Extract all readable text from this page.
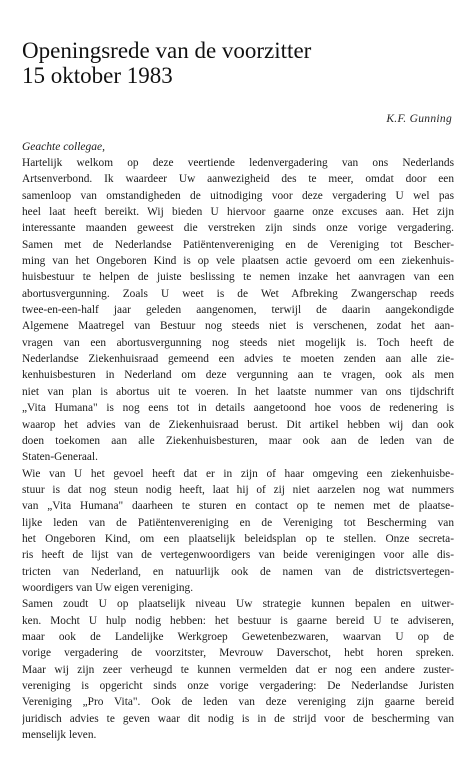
Openingsrede van de voorzitter
15 oktober 1983
K.F. Gunning
Geachte collegae,
Hartelijk welkom op deze veertiende ledenvergadering van ons Nederlands
Artsenverbond. Ik waardeer Uw aanwezigheid des te meer, omdat door een
samenloop van omstandigheden de uitnodiging voor deze vergadering U wel pas
heel laat heeft bereikt. Wij bieden U hiervoor gaarne onze excuses aan. Het zijn
interessante maanden geweest die verstreken zijn sinds onze vorige vergadering.
Samen met de Nederlandse Patiëntenvereniging en de Vereniging tot Bescher-
ming van het Ongeboren Kind is op vele plaatsen actie gevoerd om een ziekenhuis-
huisbestuur te helpen de juiste beslissing te nemen inzake het aanvragen van een
abortusvergunning. Zoals U weet is de Wet Afbreking Zwangerschap reeds
twee-en-een-half jaar geleden aangenomen, terwijl de daarin aangekondigde
Algemene Maatregel van Bestuur nog steeds niet is verschenen, zodat het aan-
vragen van een abortusvergunning nog steeds niet mogelijk is. Toch heeft de
Nederlandse Ziekenhuisraad gemeend een advies te moeten zenden aan alle zie-
kenhuisbesturen in Nederland om deze vergunning aan te vragen, ook als men
niet van plan is abortus uit te voeren. In het laatste nummer van ons tijdschrift
„Vita Humana" is nog eens tot in details aangetoond hoe voos de redenering is
waarop het advies van de Ziekenhuisraad berust. Dit artikel hebben wij dan ook
doen toekomen aan alle Ziekenhuisbesturen, maar ook aan de leden van de
Staten-Generaal.
Wie van U het gevoel heeft dat er in zijn of haar omgeving een ziekenhuisbe-
stuur is dat nog steun nodig heeft, laat hij of zij niet aarzelen nog wat nummers
van „Vita Humana" daarheen te sturen en contact op te nemen met de plaatse-
lijke leden van de Patiëntenvereniging en de Vereniging tot Bescherming van
het Ongeboren Kind, om een plaatselijk beleidsplan op te stellen. Onze secreta-
ris heeft de lijst van de vertegenwoordigers van beide verenigingen voor alle dis-
tricten van Nederland, en natuurlijk ook de namen van de districtsvertegen-
woordigers van Uw eigen vereniging.
Samen zoudt U op plaatselijk niveau Uw strategie kunnen bepalen en uitwer-
ken. Mocht U hulp nodig hebben: het bestuur is gaarne bereid U te adviseren,
maar ook de Landelijke Werkgroep Gewetenbezwaren, waarvan U op de
vorige vergadering de voorzitster, Mevrouw Daverschot, hebt horen spreken.
Maar wij zijn zeer verheugd te kunnen vermelden dat er nog een andere zuster-
vereniging is opgericht sinds onze vorige vergadering: De Nederlandse Juristen
Vereniging „Pro Vita". Ook de leden van deze vereniging zijn gaarne bereid
juridisch advies te geven waar dit nodig is in de strijd voor de bescherming van
menselijk leven.
